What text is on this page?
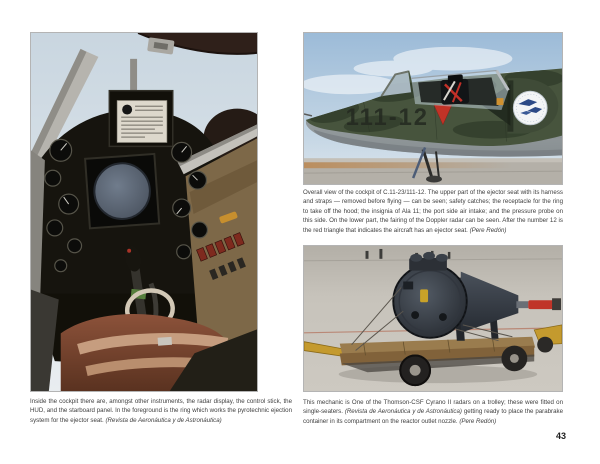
Inside the cockpit there are, amongst other instruments, the radar display, the control stick, the HUD, and the starboard panel. In the foreground is the ring which works the pyrotechnic ejection system for the ejector seat. (Revista de Aeronáutica y de Astronáutica)

111-12

Overall view of the cockpit of C.11-23/111-12. The upper part of the ejector seat with its harness and straps — removed before flying — can be seen; safety catches; the receptacle for the ring to take off the hood; the insignia of Ala 11; the port side air intake; and the pressure probe on this side. On the lower part, the fairing of the Doppler radar can be seen. After the number 12 is the red triangle that indicates the aircraft has an ejector seat. (Pere Redón)

This mechanic is One of the Thomson-CSF Cyrano II radars on a trolley; these were fitted on single-seaters. (Revista de Aeronáutica y de Astronáutica) getting ready to place the parabrake container in its compartment on the reactor outlet nozzle. (Pere Redón)

43
